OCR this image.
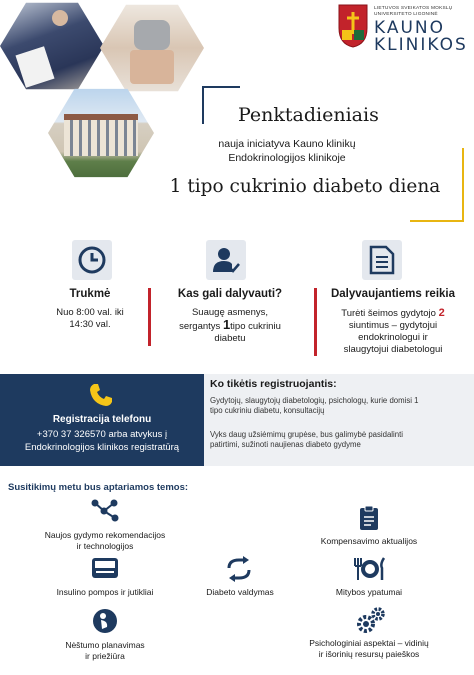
LIETUVOS SVEIKATOS MOKSLŲ
UNIVERSITETO LIGONINĖ
KAUNO
KLINIKOS
Penktadieniais
nauja iniciatyva Kauno klinikų
Endokrinologijos klinikoje
1 tipo cukrinio diabeto diena
Trukmė
Nuo 8:00 val. iki
14:30 val.
Kas gali dalyvauti?
Suaugę asmenys,
sergantys 1tipo cukriniu
diabetu
Dalyvaujantiems reikia
Turėti šeimos gydytojo 2
siuntimus – gydytojui
endokrinologui ir
slaugytojui diabetologui
Registracija telefonu
+370 37 326570 arba atvykus į
Endokrinologijos klinikos registratūrą
Ko tikėtis registruojantis:
Gydytojų, slaugytojų diabetologių, psichologų, kurie domisi 1
tipo cukriniu diabetu, konsultacijų
Vyks daug užsiėmimų grupėse, bus galimybė pasidalinti
patirtimi, sužinoti naujienas diabeto gydyme
Susitikimų metu bus aptariamos temos:
Naujos gydymo rekomendacijos
ir technologijos	Kompensavimo aktualijos
Insulino pompos ir jutikliai	Diabeto valdymas	Mitybos ypatumai
Nėštumo planavimas
ir priežiūra
Psichologiniai aspektai – vidinių
ir išorinių resursų paieškos
